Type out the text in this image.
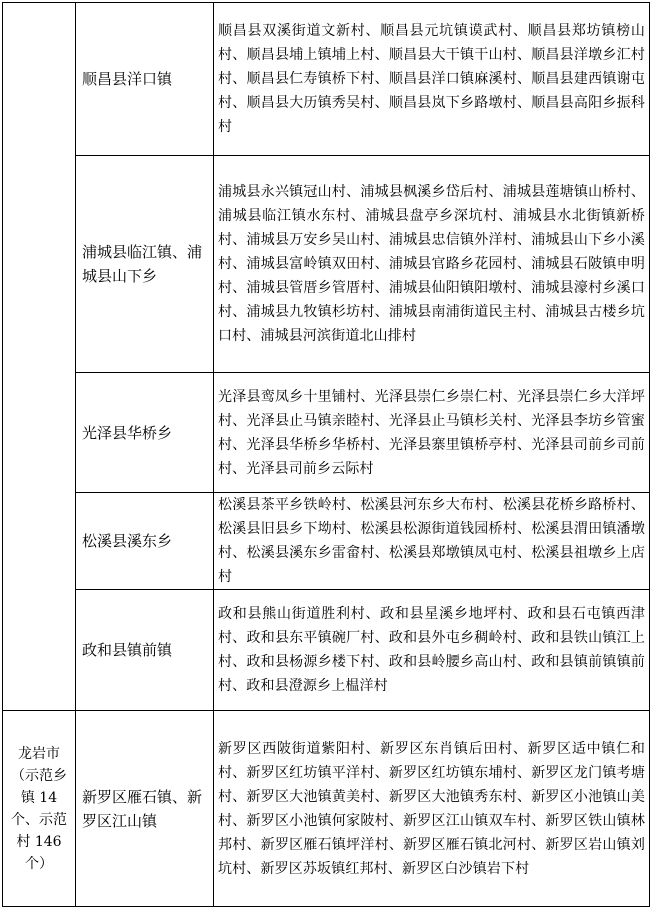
	顺昌县洋口镇	顺昌县双溪街道文新村、顺昌县元坑镇谟武村、顺昌县郑坊镇榜山村、顺昌县埔上镇埔上村、顺昌县大干镇干山村、顺昌县洋墩乡汇村村、顺昌县仁寿镇桥下村、顺昌县洋口镇麻溪村、顺昌县建西镇谢屯村、顺昌县大历镇秀吴村、顺昌县岚下乡路墩村、顺昌县高阳乡振科村
	浦城县临江镇、浦城县山下乡	浦城县永兴镇冠山村、浦城县枫溪乡岱后村、浦城县莲塘镇山桥村、浦城县临江镇水东村、浦城县盘亭乡深坑村、浦城县水北街镇新桥村、浦城县万安乡吴山村、浦城县忠信镇外洋村、浦城县山下乡小溪村、浦城县富岭镇双田村、浦城县官路乡花园村、浦城县石陂镇申明村、浦城县管厝乡管厝村、浦城县仙阳镇阳墩村、浦城县濠村乡溪口村、浦城县九牧镇杉坊村、浦城县南浦街道民主村、浦城县古楼乡坑口村、浦城县河滨街道北山排村
	光泽县华桥乡	光泽县鸾凤乡十里铺村、光泽县崇仁乡崇仁村、光泽县崇仁乡大洋坪村、光泽县止马镇亲睦村、光泽县止马镇杉关村、光泽县李坊乡管蜜村、光泽县华桥乡华桥村、光泽县寨里镇桥亭村、光泽县司前乡司前村、光泽县司前乡云际村
	松溪县溪东乡	松溪县茶平乡铁岭村、松溪县河东乡大布村、松溪县花桥乡路桥村、松溪县旧县乡下坳村、松溪县松源街道钱园桥村、松溪县渭田镇潘墩村、松溪县溪东乡雷畲村、松溪县郑墩镇凤屯村、松溪县祖墩乡上店村
	政和县镇前镇	政和县熊山街道胜利村、政和县星溪乡地坪村、政和县石屯镇西津村、政和县东平镇碗厂村、政和县外屯乡稠岭村、政和县铁山镇江上村、政和县杨源乡楼下村、政和县岭腰乡高山村、政和县镇前镇镇前村、政和县澄源乡上榅洋村
龙岩市（示范乡镇 14 个、示范村 146 个）	新罗区雁石镇、新罗区江山镇	新罗区西陂街道紫阳村、新罗区东肖镇后田村、新罗区适中镇仁和村、新罗区红坊镇平洋村、新罗区红坊镇东埔村、新罗区龙门镇考塘村、新罗区大池镇黄美村、新罗区大池镇秀东村、新罗区小池镇山美村、新罗区小池镇何家陂村、新罗区江山镇双车村、新罗区铁山镇林邦村、新罗区雁石镇坪洋村、新罗区雁石镇北河村、新罗区岩山镇刘坑村、新罗区苏坂镇红邦村、新罗区白沙镇岩下村
